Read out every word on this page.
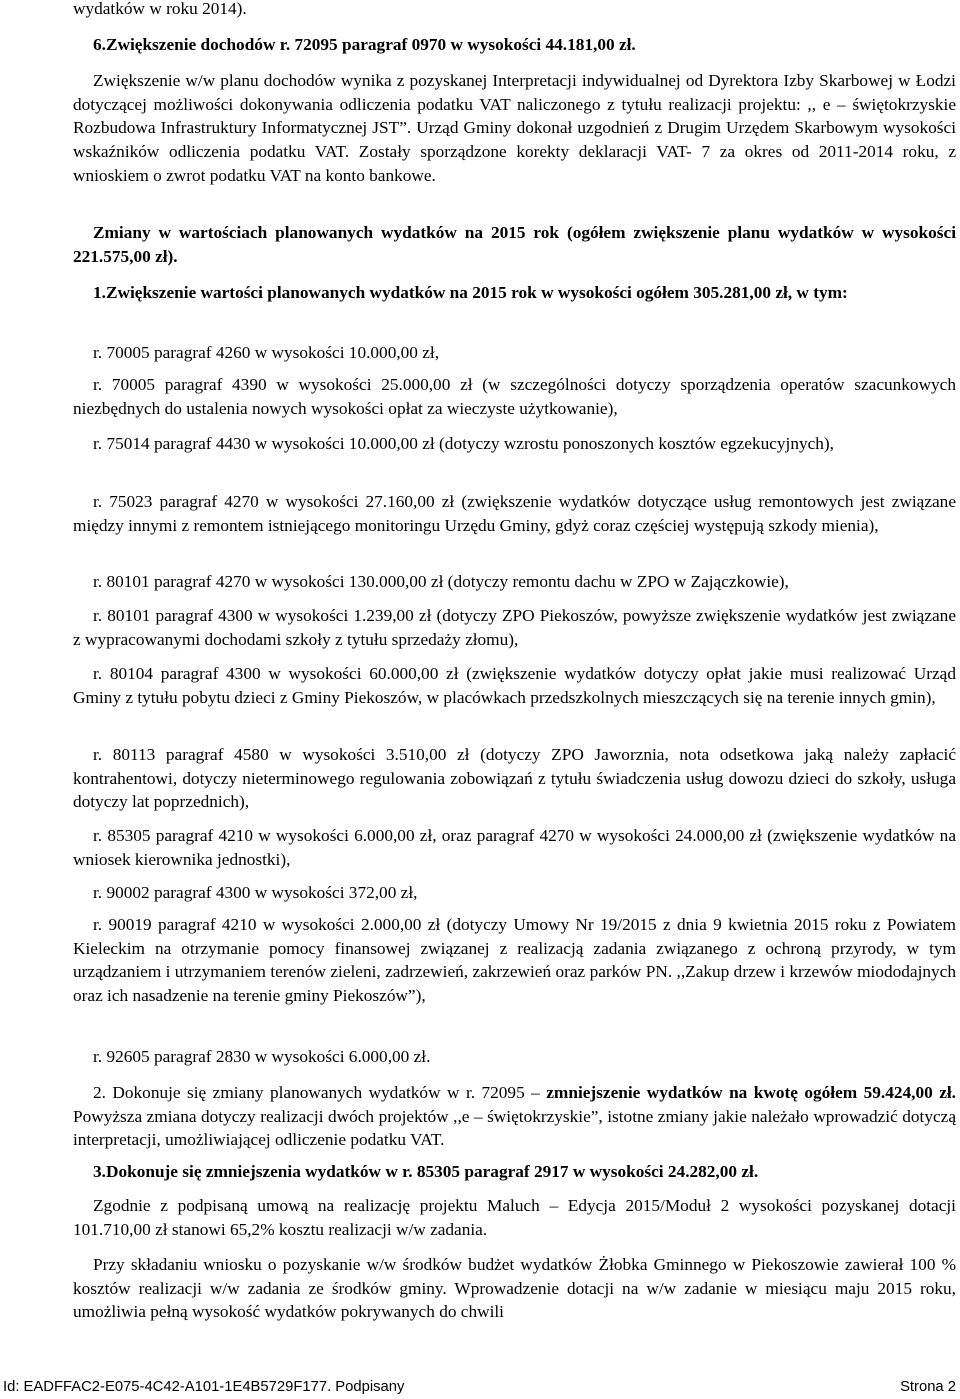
wydatków w roku 2014).

6.Zwiększenie dochodów r. 72095 paragraf 0970 w wysokości 44.181,00 zł.

Zwiększenie w/w planu dochodów wynika z pozyskanej Interpretacji indywidualnej od Dyrektora Izby Skarbowej w Łodzi dotyczącej możliwości dokonywania odliczenia podatku VAT naliczonego z tytułu realizacji projektu: ,, e – świętokrzyskie Rozbudowa Infrastruktury Informatycznej JST”. Urząd Gminy dokonał uzgodnień z Drugim Urzędem Skarbowym wysokości wskaźników odliczenia podatku VAT. Zostały sporządzone korekty deklaracji VAT- 7 za okres od 2011-2014 roku, z wnioskiem o zwrot podatku VAT na konto bankowe.

Zmiany w wartościach planowanych wydatków na 2015 rok (ogółem zwiększenie planu wydatków w wysokości 221.575,00 zł).

1.Zwiększenie wartości planowanych wydatków na 2015 rok w wysokości ogółem 305.281,00 zł, w tym:

r. 70005 paragraf 4260 w wysokości 10.000,00 zł,

r. 70005 paragraf 4390 w wysokości 25.000,00 zł (w szczególności dotyczy sporządzenia operatów szacunkowych niezbędnych do ustalenia nowych wysokości opłat za wieczyste użytkowanie),

r. 75014 paragraf 4430 w wysokości 10.000,00 zł (dotyczy wzrostu ponoszonych kosztów egzekucyjnych),

r. 75023 paragraf 4270 w wysokości 27.160,00 zł (zwiększenie wydatków dotyczące usług remontowych jest związane między innymi z remontem istniejącego monitoringu Urzędu Gminy, gdyż coraz częściej występują szkody mienia),

r. 80101 paragraf 4270 w wysokości 130.000,00 zł (dotyczy remontu dachu w ZPO w Zajączkowie),

r. 80101 paragraf 4300 w wysokości 1.239,00 zł (dotyczy ZPO Piekoszów, powyższe zwiększenie wydatków jest związane z wypracowanymi dochodami szkoły z tytułu sprzedaży złomu),

r. 80104 paragraf 4300 w wysokości 60.000,00 zł (zwiększenie wydatków dotyczy opłat jakie musi realizować Urząd Gminy z tytułu pobytu dzieci z Gminy Piekoszów, w placówkach przedszkolnych mieszczących się na terenie innych gmin),

r. 80113 paragraf 4580 w wysokości 3.510,00 zł (dotyczy ZPO Jaworznia, nota odsetkowa jaką należy zapłacić kontrahentowi, dotyczy nieterminowego regulowania zobowiązań z tytułu świadczenia usług dowozu dzieci do szkoły, usługa dotyczy lat poprzednich),

r. 85305 paragraf 4210 w wysokości 6.000,00 zł, oraz paragraf 4270 w wysokości 24.000,00 zł (zwiększenie wydatków na wniosek kierownika jednostki),

r. 90002 paragraf 4300 w wysokości 372,00 zł,

r. 90019 paragraf 4210 w wysokości 2.000,00 zł (dotyczy Umowy Nr 19/2015 z dnia 9 kwietnia 2015 roku z Powiatem Kieleckim na otrzymanie pomocy finansowej związanej z realizacją zadania związanego z ochroną przyrody, w tym urządzaniem i utrzymaniem terenów zieleni, zadrzewień, zakrzewień oraz parków PN. ,,Zakup drzew i krzewów miododajnych oraz ich nasadzenie na terenie gminy Piekoszów”),

r. 92605 paragraf 2830 w wysokości 6.000,00 zł.

2. Dokonuje się zmiany planowanych wydatków w r. 72095 – zmniejszenie wydatków na kwotę ogółem 59.424,00 zł. Powyższa zmiana dotyczy realizacji dwóch projektów ,,e – świętokrzyskie”, istotne zmiany jakie należało wprowadzić dotyczą interpretacji, umożliwiającej odliczenie podatku VAT.

3.Dokonuje się zmniejszenia wydatków w r. 85305 paragraf 2917 w wysokości 24.282,00 zł.

Zgodnie z podpisaną umową na realizację projektu Maluch – Edycja 2015/Moduł 2 wysokości pozyskanej dotacji 101.710,00 zł stanowi 65,2% kosztu realizacji w/w zadania.

Przy składaniu wniosku o pozyskanie w/w środków budżet wydatków Żłobka Gminnego w Piekoszowie zawierał 100 % kosztów realizacji w/w zadania ze środków gminy. Wprowadzenie dotacji na w/w zadanie w miesiącu maju 2015 roku, umożliwia pełną wysokość wydatków pokrywanych do chwili

Id: EADFFAC2-E075-4C42-A101-1E4B5729F177. Podpisany	Strona 2
